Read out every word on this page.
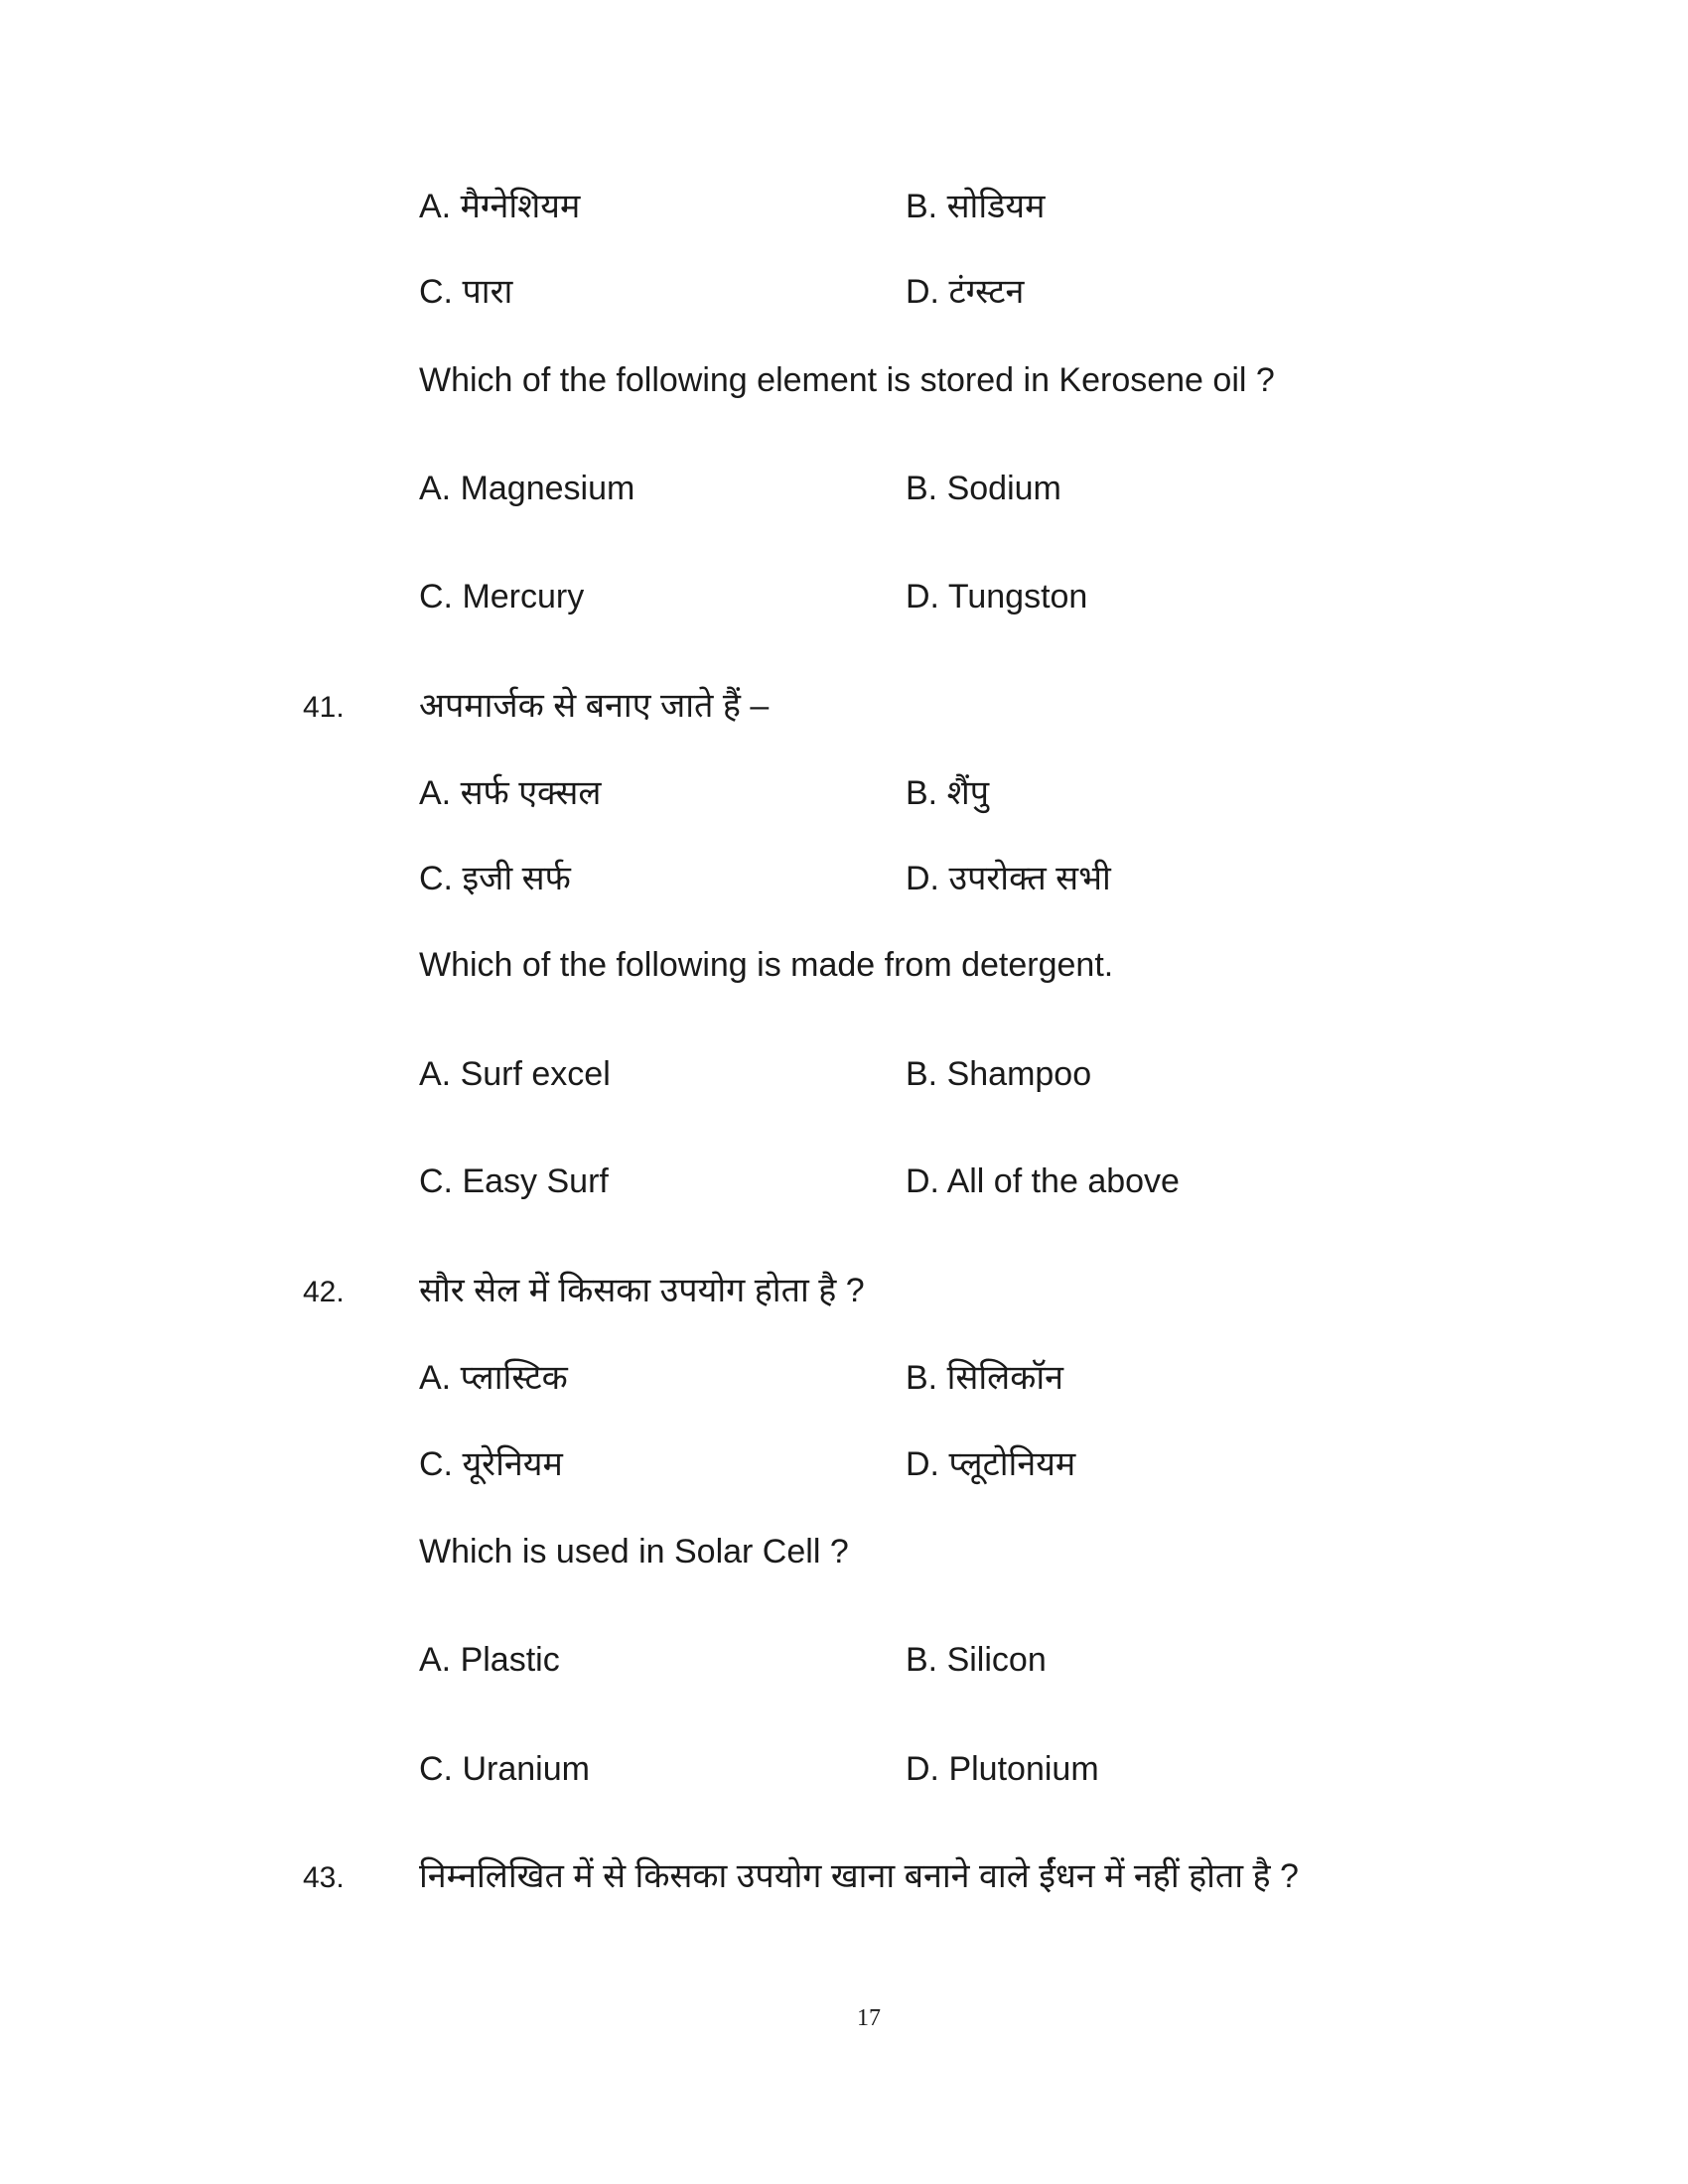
A. मैग्नेशियम	B. सोडियम
C. पारा	D. टंग्स्टन
Which of the following element is stored in Kerosene oil ?
A. Magnesium	B. Sodium
C. Mercury	D. Tungston
41. अपमार्जक से बनाए जाते हैं –
A. सर्फ एक्सल	B. शैंपु
C. इजी सर्फ	D. उपरोक्त सभी
Which of the following is made from detergent.
A. Surf excel	B. Shampoo
C. Easy Surf	D. All of the above
42. सौर सेल में किसका उपयोग होता है ?
A. प्लास्टिक	B. सिलिकॉन
C. यूरेनियम	D. प्लूटोनियम
Which is used in Solar Cell ?
A. Plastic	B. Silicon
C. Uranium	D. Plutonium
43. निम्नलिखित में से किसका उपयोग खाना बनाने वाले ईंधन में नहीं होता है ?
17
